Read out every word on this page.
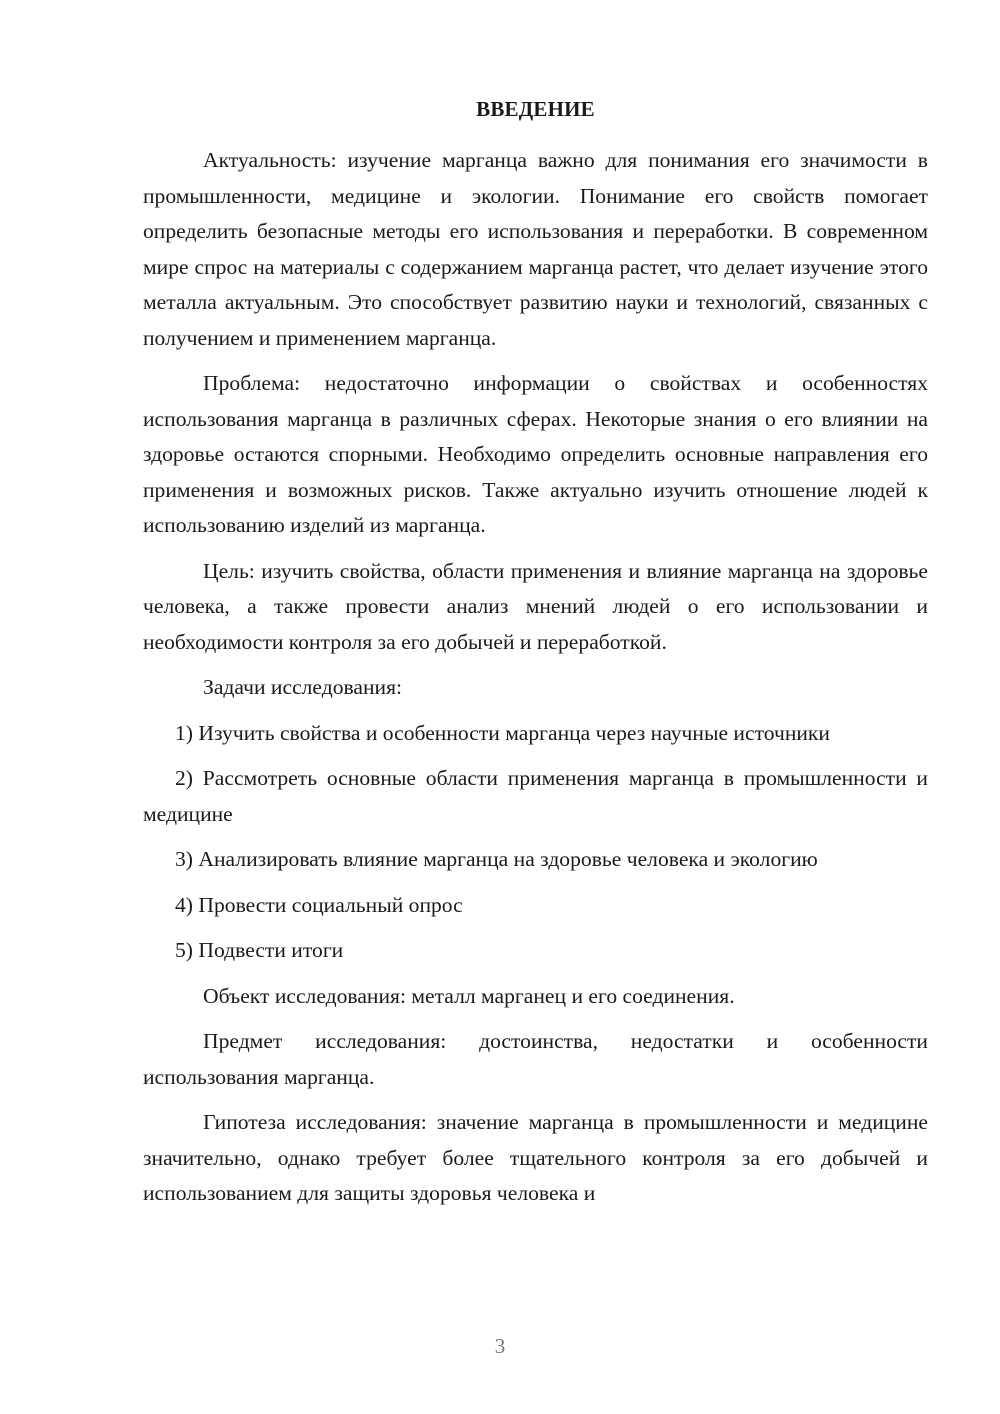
ВВЕДЕНИЕ

Актуальность: изучение марганца важно для понимания его значимости в промышленности, медицине и экологии. Понимание его свойств помогает определить безопасные методы его использования и переработки. В современном мире спрос на материалы с содержанием марганца растет, что делает изучение этого металла актуальным. Это способствует развитию науки и технологий, связанных с получением и применением марганца.

Проблема: недостаточно информации о свойствах и особенностях использования марганца в различных сферах. Некоторые знания о его влиянии на здоровье остаются спорными. Необходимо определить основные направления его применения и возможных рисков. Также актуально изучить отношение людей к использованию изделий из марганца.

Цель: изучить свойства, области применения и влияние марганца на здоровье человека, а также провести анализ мнений людей о его использовании и необходимости контроля за его добычей и переработкой.

Задачи исследования:

1) Изучить свойства и особенности марганца через научные источники

2) Рассмотреть основные области применения марганца в промышленности и медицине

3) Анализировать влияние марганца на здоровье человека и экологию

4) Провести социальный опрос

5) Подвести итоги

Объект исследования: металл марганец и его соединения.

Предмет исследования: достоинства, недостатки и особенности использования марганца.

Гипотеза исследования: значение марганца в промышленности и медицине значительно, однако требует более тщательного контроля за его добычей и использованием для защиты здоровья человека и

3
